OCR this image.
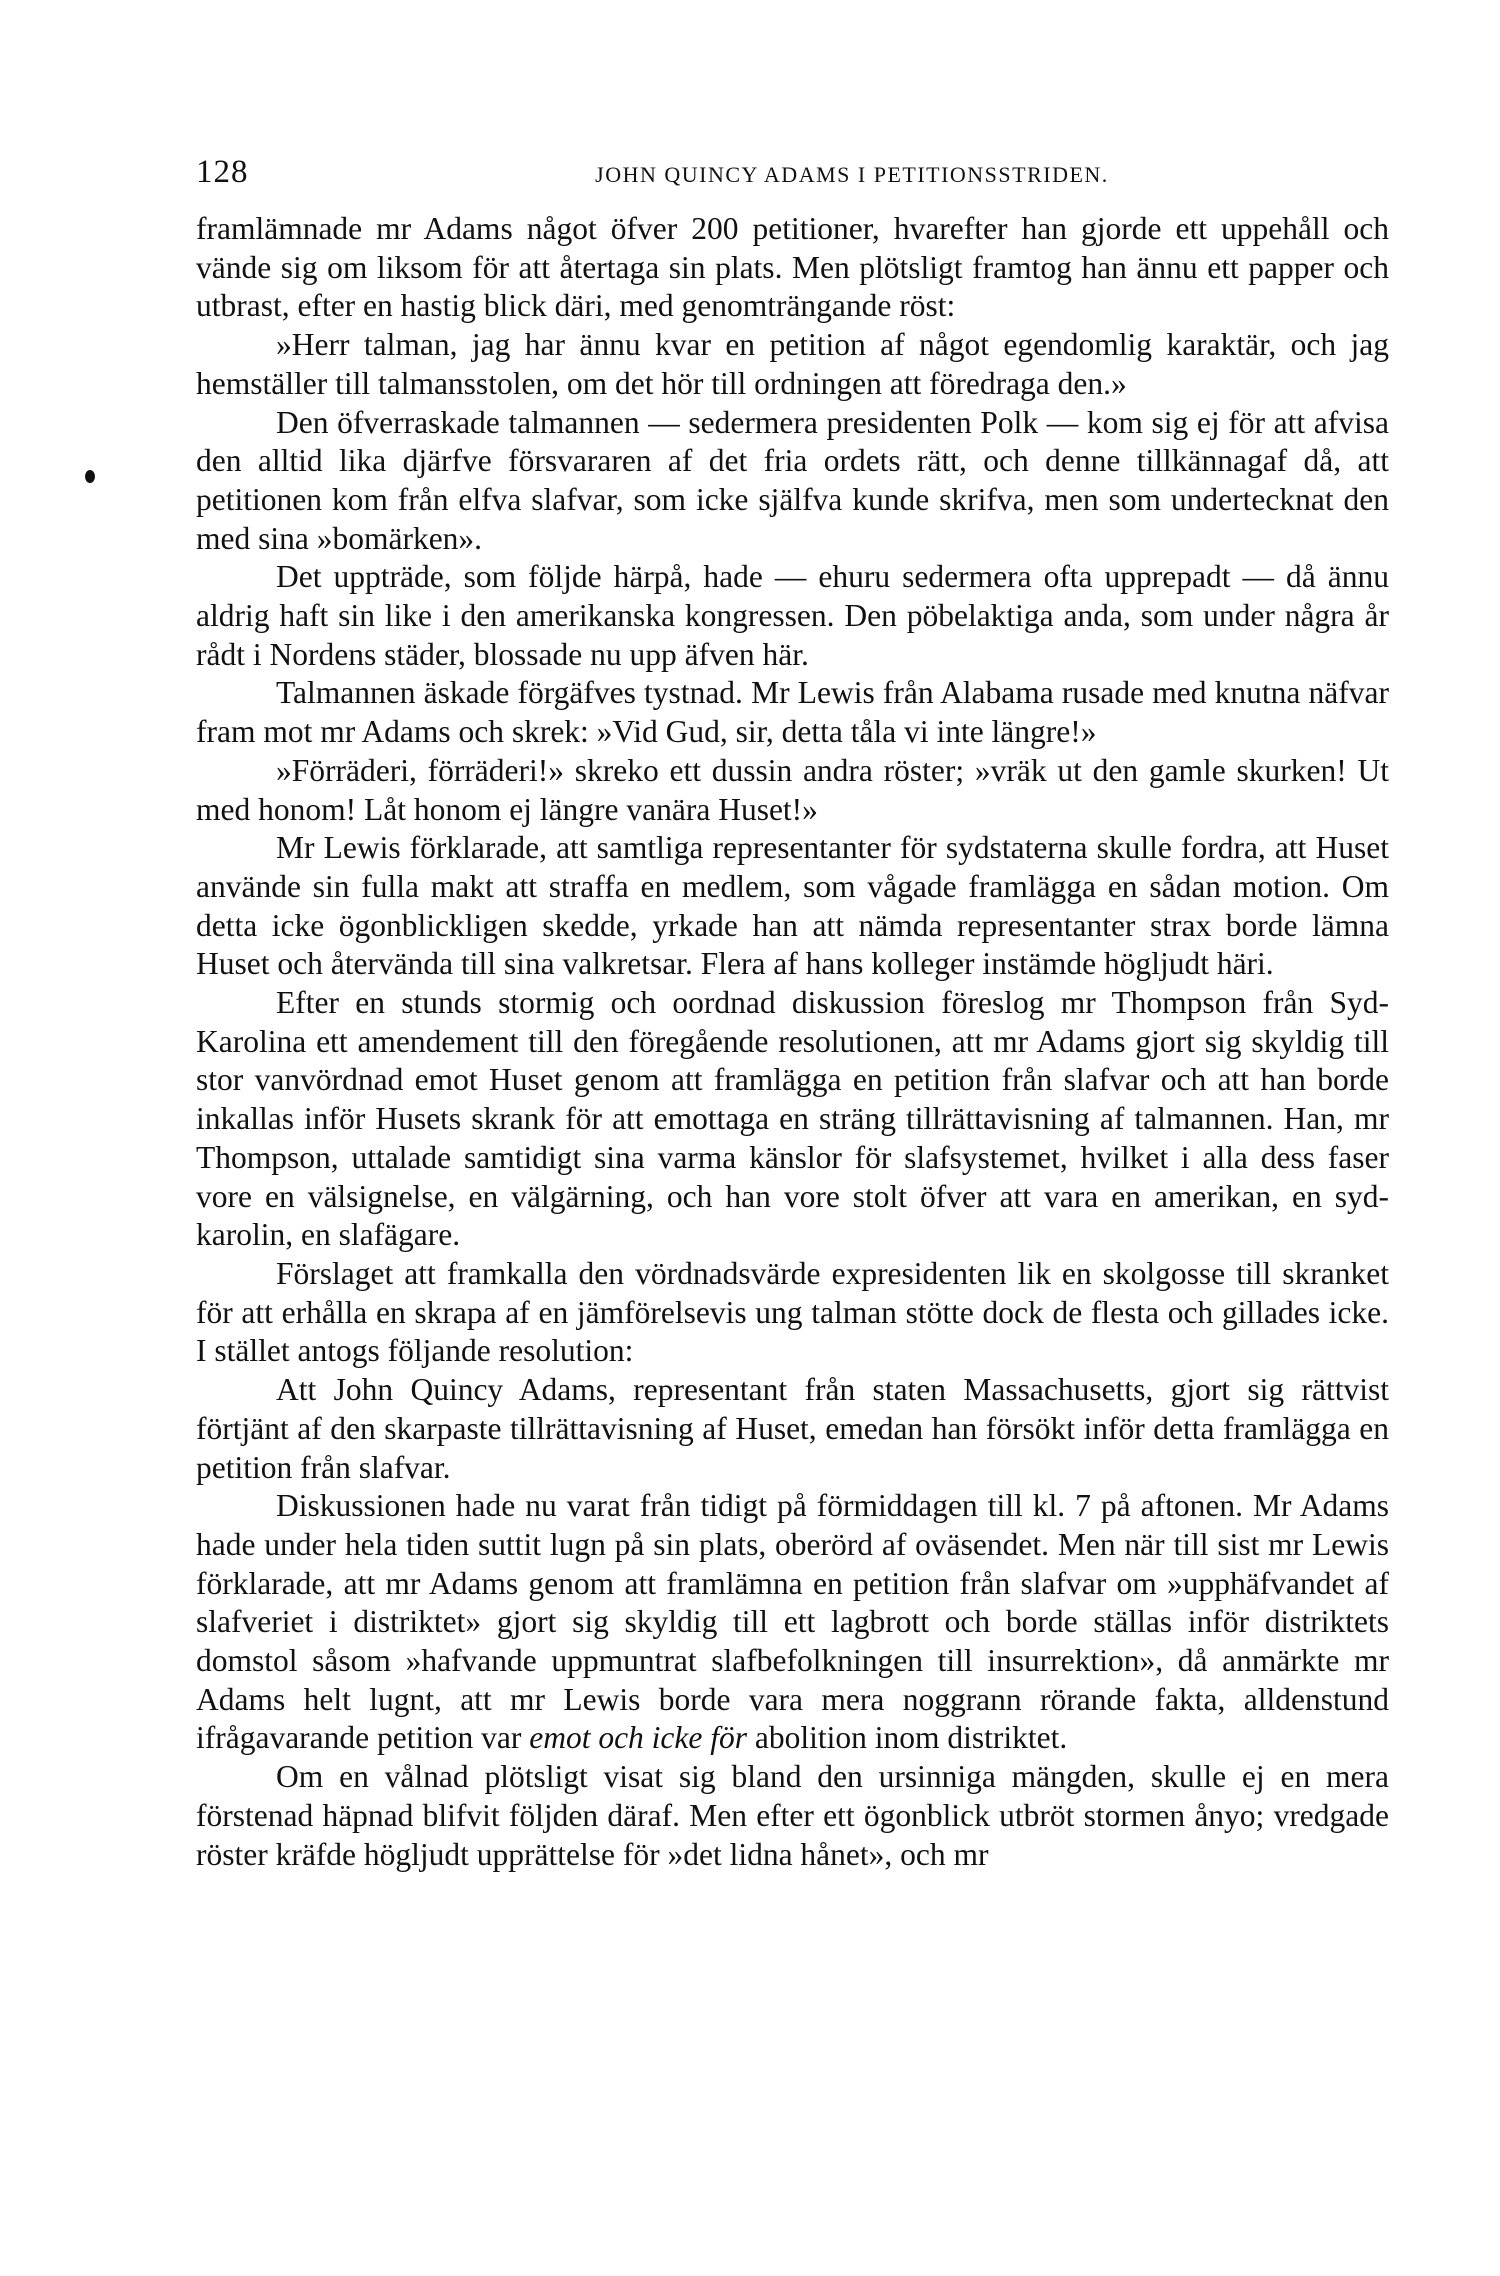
128	JOHN QUINCY ADAMS I PETITIONSSTRIDEN.

framlämnade mr Adams något öfver 200 petitioner, hvarefter han gjorde ett uppehåll och vände sig om liksom för att återtaga sin plats. Men plötsligt framtog han ännu ett papper och utbrast, efter en hastig blick däri, med genomträngande röst:

»Herr talman, jag har ännu kvar en petition af något egendomlig karaktär, och jag hemställer till talmansstolen, om det hör till ordningen att föredraga den.»

Den öfverraskade talmannen — sedermera presidenten Polk — kom sig ej för att afvisa den alltid lika djärfve försvararen af det fria ordets rätt, och denne tillkännagaf då, att petitionen kom från elfva slafvar, som icke själfva kunde skrifva, men som undertecknat den med sina »bomärken».

Det uppträde, som följde härpå, hade — ehuru sedermera ofta upprepadt — då ännu aldrig haft sin like i den amerikanska kongressen. Den pöbelaktiga anda, som under några år rådt i Nordens städer, blossade nu upp äfven här.

Talmannen äskade förgäfves tystnad. Mr Lewis från Alabama rusade med knutna näfvar fram mot mr Adams och skrek: »Vid Gud, sir, detta tåla vi inte längre!»

»Förräderi, förräderi!» skreko ett dussin andra röster; »vräk ut den gamle skurken! Ut med honom! Låt honom ej längre vanära Huset!»

Mr Lewis förklarade, att samtliga representanter för sydstaterna skulle fordra, att Huset använde sin fulla makt att straffa en medlem, som vågade framlägga en sådan motion. Om detta icke ögonblickligen skedde, yrkade han att nämda representanter strax borde lämna Huset och återvända till sina valkretsar. Flera af hans kolleger instämde högljudt häri.

Efter en stunds stormig och oordnad diskussion föreslog mr Thompson från Syd-Karolina ett amendement till den föregående resolutionen, att mr Adams gjort sig skyldig till stor vanvördnad emot Huset genom att framlägga en petition från slafvar och att han borde inkallas inför Husets skrank för att emottaga en sträng tillrättavisning af talmannen. Han, mr Thompson, uttalade samtidigt sina varma känslor för slafsystemet, hvilket i alla dess faser vore en välsignelse, en välgärning, och han vore stolt öfver att vara en amerikan, en syd-karolin, en slafägare.

Förslaget att framkalla den vördnadsvärde expresidenten lik en skolgosse till skranket för att erhålla en skrapa af en jämförelsevis ung talman stötte dock de flesta och gillades icke. I stället antogs följande resolution:

Att John Quincy Adams, representant från staten Massachusetts, gjort sig rättvist förtjänt af den skarpaste tillrättavisning af Huset, emedan han försökt inför detta framlägga en petition från slafvar.

Diskussionen hade nu varat från tidigt på förmiddagen till kl. 7 på aftonen. Mr Adams hade under hela tiden suttit lugn på sin plats, oberörd af oväsendet. Men när till sist mr Lewis förklarade, att mr Adams genom att framlämna en petition från slafvar om »upphäfvandet af slafveriet i distriktet» gjort sig skyldig till ett lagbrott och borde ställas inför distriktets domstol såsom »hafvande uppmuntrat slafbefolkningen till insurrektion», då anmärkte mr Adams helt lugnt, att mr Lewis borde vara mera noggrann rörande fakta, alldenstund ifrågavarande petition var emot och icke för abolition inom distriktet.

Om en vålnad plötsligt visat sig bland den ursinniga mängden, skulle ej en mera förstenad häpnad blifvit följden däraf. Men efter ett ögonblick utbröt stormen ånyo; vredgade röster kräfde högljudt upprättelse för »det lidna hånet», och mr
